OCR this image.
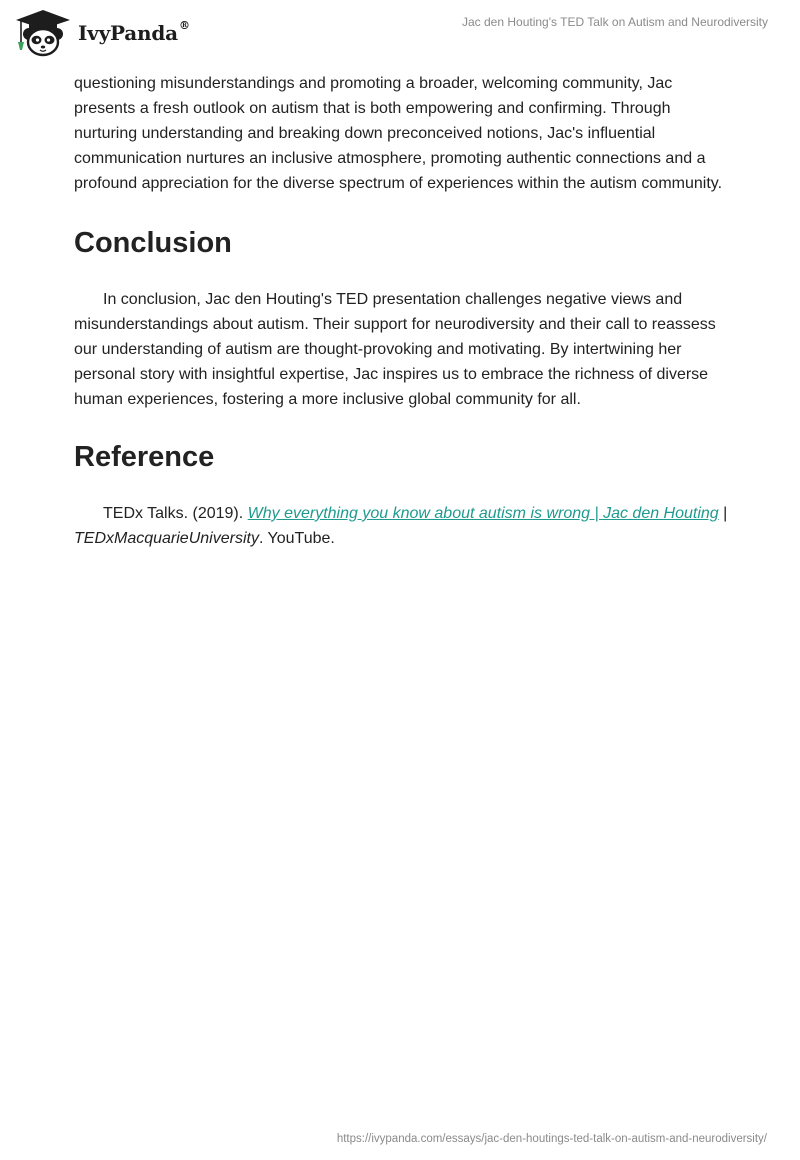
IvyPanda®	Jac den Houting's TED Talk on Autism and Neurodiversity

questioning misunderstandings and promoting a broader, welcoming community, Jac presents a fresh outlook on autism that is both empowering and confirming. Through nurturing understanding and breaking down preconceived notions, Jac's influential communication nurtures an inclusive atmosphere, promoting authentic connections and a profound appreciation for the diverse spectrum of experiences within the autism community.

Conclusion

In conclusion, Jac den Houting's TED presentation challenges negative views and misunderstandings about autism. Their support for neurodiversity and their call to reassess our understanding of autism are thought-provoking and motivating. By intertwining her personal story with insightful expertise, Jac inspires us to embrace the richness of diverse human experiences, fostering a more inclusive global community for all.

Reference

TEDx Talks. (2019). Why everything you know about autism is wrong | Jac den Houting | TEDxMacquarieUniversity. YouTube.

https://ivypanda.com/essays/jac-den-houtings-ted-talk-on-autism-and-neurodiversity/
